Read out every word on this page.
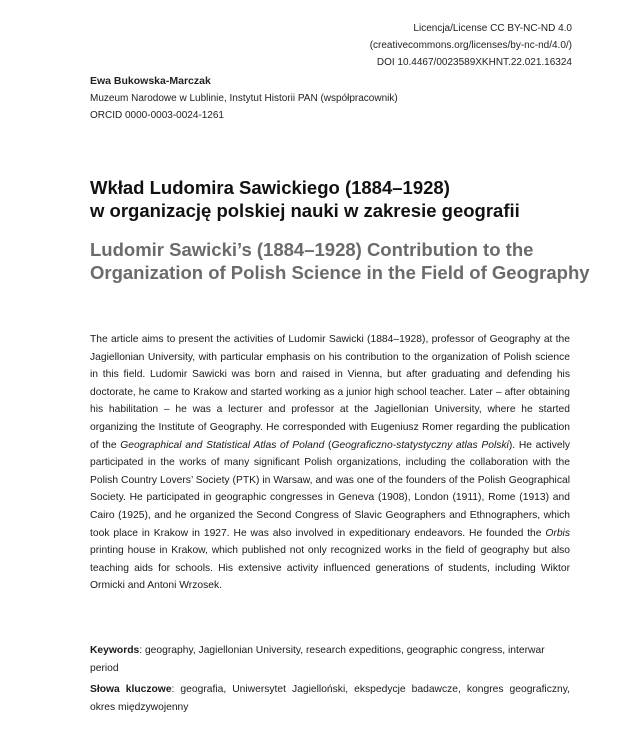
Licencja/License CC BY-NC-ND 4.0
(creativecommons.org/licenses/by-nc-nd/4.0/)
DOI 10.4467/0023589XKHNT.22.021.16324
Ewa Bukowska-Marczak
Muzeum Narodowe w Lublinie, Instytut Historii PAN (współpracownik)
ORCID 0000-0003-0024-1261
Wkład Ludomira Sawickiego (1884–1928)
w organizację polskiej nauki w zakresie geografii
Ludomir Sawicki’s (1884–1928) Contribution to the
Organization of Polish Science in the Field of Geography

The article aims to present the activities of Ludomir Sawicki (1884–1928), professor of Geography at the Jagiellonian University, with particular emphasis on his contribution to the organization of Polish science in this field. Ludomir Sawicki was born and raised in Vienna, but after graduating and defending his doctorate, he came to Krakow and started working as a junior high school teacher. Later – after obtaining his habilitation – he was a lecturer and professor at the Jagiellonian University, where he started organizing the Institute of Geography. He corresponded with Eugeniusz Romer regarding the publication of the Geographical and Statistical Atlas of Poland (Geograficzno-statystyczny atlas Polski). He actively participated in the works of many significant Polish organizations, including the collaboration with the Polish Country Lovers’ Society (PTK) in Warsaw, and was one of the founders of the Polish Geographical Society. He participated in geographic congresses in Geneva (1908), London (1911), Rome (1913) and Cairo (1925), and he organized the Second Congress of Slavic Geographers and Ethnographers, which took place in Krakow in 1927. He was also involved in expeditionary endeavors. He founded the Orbis printing house in Krakow, which published not only recognized works in the field of geography but also teaching aids for schools. His extensive activity influenced generations of students, including Wiktor Ormicki and Antoni Wrzosek.

Keywords: geography, Jagiellonian University, research expeditions, geographic congress, interwar period
Słowa kluczowe: geografia, Uniwersytet Jagielloński, ekspedycje badawcze, kongres geograficzny, okres międzywojenny
